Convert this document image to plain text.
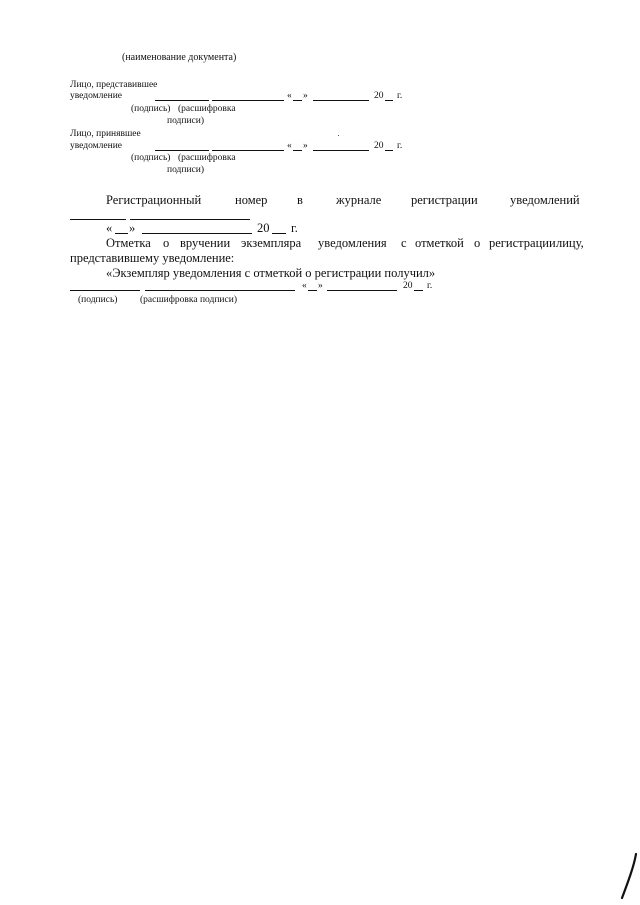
(наименование документа)
Лицо, представившее
уведомление	« »	20 г.
(подпись) (расшифровка
подписи)
Лицо, принявшее
уведомление	« »	20 г.
(подпись) (расшифровка
подписи)
Регистрационный	номер в	журнале регистрации	уведомлений
« »	20 г.
Отметка о вручении экземпляра уведомления с отметкой о регистрации лицу,
представившему уведомление:
«Экземпляр уведомления с отметкой о регистрации получил»
« »	20 г.
(подпись) (расшифровка подписи)
